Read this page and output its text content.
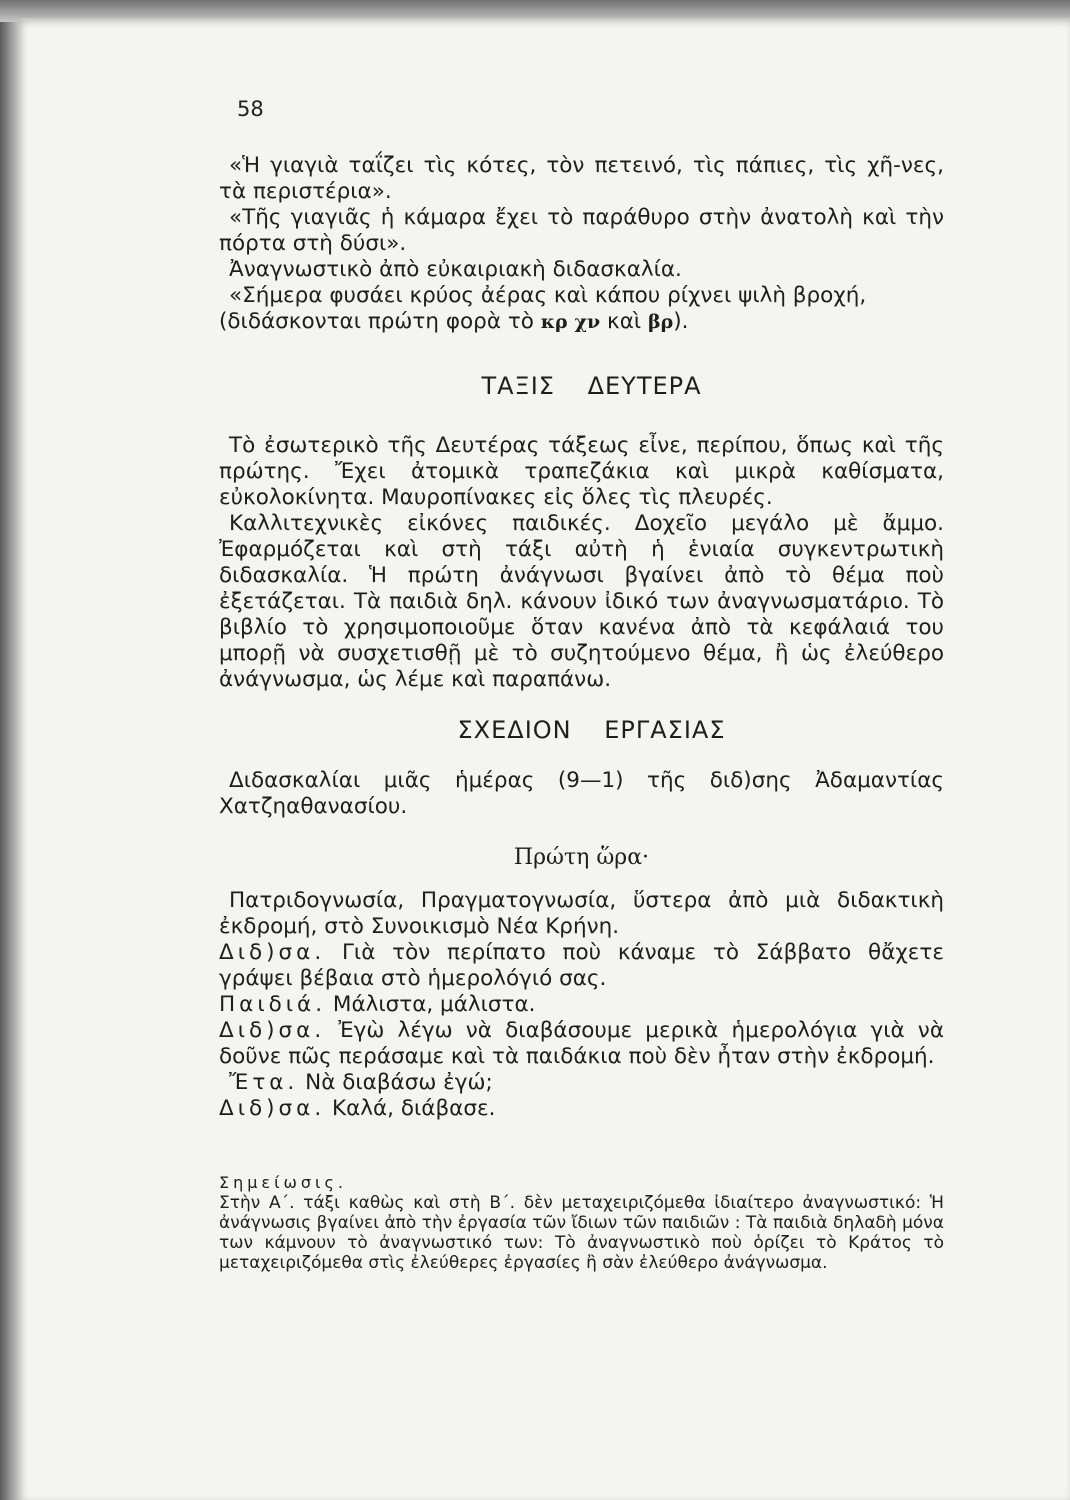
58

«Ἡ γιαγιὰ ταΐζει τὶς κότες, τὸν πετεινό, τὶς πάπιες, τὶς χῆ-νες, τὰ περιστέρια».

«Τῆς γιαγιᾶς ἡ κάμαρα ἔχει τὸ παράθυρο στὴν ἀνατολὴ καὶ τὴν πόρτα στὴ δύσι».

Ἀναγνωστικὸ ἀπὸ εὐκαιριακὴ διδασκαλία.

«Σήμερα φυσάει κρύος ἀέρας καὶ κάπου ρίχνει ψιλὴ βροχή,

(διδάσκονται πρώτη φορὰ τὸ κρ χν καὶ βρ).

ΤΑΞΙΣ ΔΕΥΤΕΡΑ

Τὸ ἐσωτερικὸ τῆς Δευτέρας τάξεως εἶνε, περίπου, ὅπως καὶ τῆς πρώτης. Ἔχει ἀτομικὰ τραπεζάκια καὶ μικρὰ καθίσματα, εὐκολοκίνητα. Μαυροπίνακες εἰς ὅλες τὶς πλευρές.

Καλλιτεχνικὲς εἰκόνες παιδικές. Δοχεῖο μεγάλο μὲ ἄμμο. Ἐφαρμόζεται καὶ στὴ τάξι αὐτὴ ἡ ἑνιαία συγκεντρωτικὴ διδασκαλία. Ἡ πρώτη ἀνάγνωσι βγαίνει ἀπὸ τὸ θέμα ποὺ ἐξετάζεται. Τὰ παιδιὰ δηλ. κάνουν ἰδικό των ἀναγνωσματάριο. Τὸ βιβλίο τὸ χρησιμοποιοῦμε ὅταν κανένα ἀπὸ τὰ κεφάλαιά του μπορῇ νὰ συσχετισθῇ μὲ τὸ συζητούμενο θέμα, ἢ ὡς ἐλεύθερο ἀνάγνωσμα, ὡς λέμε καὶ παραπάνω.

ΣΧΕΔΙΟΝ ΕΡΓΑΣΙΑΣ

Διδασκαλίαι μιᾶς ἡμέρας (9—1) τῆς διδ)σης Ἀδαμαντίας Χατζηαθανασίου.

Πρώτη ὥρα·

Πατριδογνωσία, Πραγματογνωσία, ὕστερα ἀπὸ μιὰ διδακτικὴ ἐκδρομή, στὸ Συνοικισμὸ Νέα Κρήνη.

Διδ)σα. Γιὰ τὸν περίπατο ποὺ κάναμε τὸ Σάββατο θἄχετε γράψει βέβαια στὸ ἡμερολόγιό σας.

Παιδιά. Μάλιστα, μάλιστα.

Διδ)σα. Ἐγὼ λέγω νὰ διαβάσουμε μερικὰ ἡμερολόγια γιὰ νὰ δοῦνε πῶς περάσαμε καὶ τὰ παιδάκια ποὺ δὲν ἦταν στὴν ἐκδρομή.

Ἔτα. Νὰ διαβάσω ἐγώ;

Διδ)σα. Καλά, διάβασε.

Σημείωσις.

Στὴν Α΄. τάξι καθὼς καὶ στὴ Β΄. δὲν μεταχειριζόμεθα ἰδιαίτερο ἀναγνωστικό: Ἡ ἀνάγνωσις βγαίνει ἀπὸ τὴν ἐργασία τῶν ἴδιων τῶν παιδιῶν : Τὰ παιδιὰ δηλαδὴ μόνα των κάμνουν τὸ ἀναγνωστικό των: Τὸ ἀναγνωστικὸ ποὺ ὁρίζει τὸ Κράτος τὸ μεταχειριζόμεθα στὶς ἐλεύθερες ἐργασίες ἢ σὰν ἐλεύθερο ἀνάγνωσμα.
